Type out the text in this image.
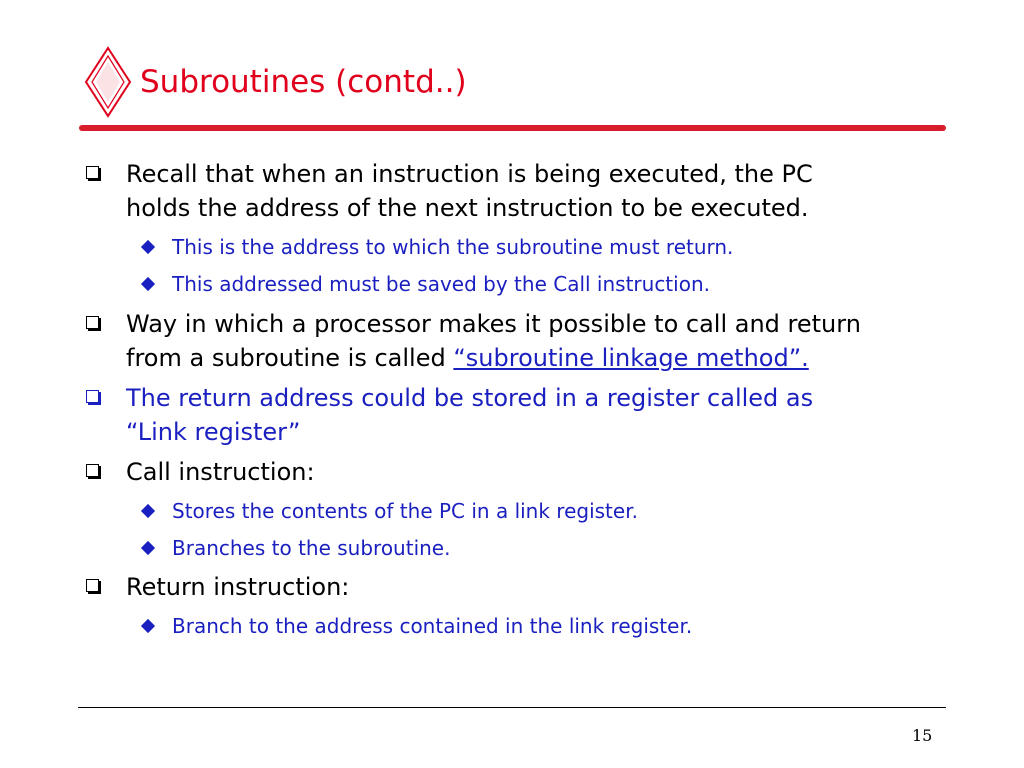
Subroutines (contd..)
Recall that when an instruction is being executed, the PC
holds the address of the next instruction to be executed.
This is the address to which the subroutine must return.
This addressed must be saved by the Call instruction.
Way in which a processor makes it possible to call and return
from a subroutine is called “subroutine linkage method”.
The return address could be stored in a register called as
“Link register”
Call instruction:
Stores the contents of the PC in a link register.
Branches to the subroutine.
Return instruction:
Branch to the address contained in the link register.
15
